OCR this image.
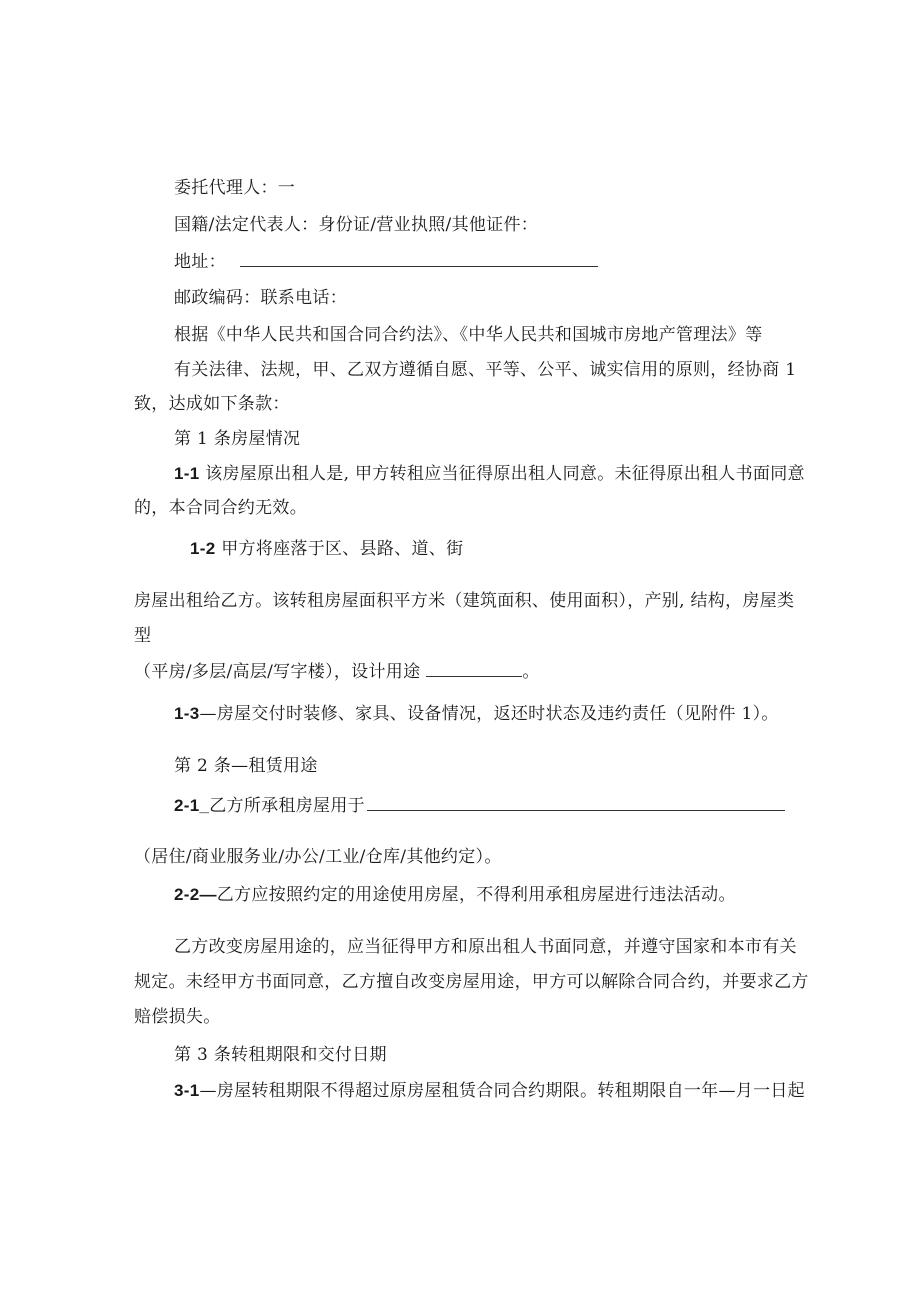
委托代理人：一
国籍/法定代表人：身份证/营业执照/其他证件：
地址：
邮政编码：联系电话：
根据《中华人民共和国合同合约法》、《中华人民共和国城市房地产管理法》等
有关法律、法规，甲、乙双方遵循自愿、平等、公平、诚实信用的原则，经协商 1
致，达成如下条款：
第 1 条房屋情况
1-1 该房屋原出租人是, 甲方转租应当征得原出租人同意。未征得原出租人书面同意
的，本合同合约无效。
1-2 甲方将座落于区、县路、道、街
房屋出租给乙方。该转租房屋面积平方米（建筑面积、使用面积），产别, 结构，房屋类
型
（平房/多层/高层/写字楼），设计用途	。
1-3—房屋交付时装修、家具、设备情况，返还时状态及违约责任（见附件 1）。
第 2 条—租赁用途
2-1_乙方所承租房屋用于
（居住/商业服务业/办公/工业/仓库/其他约定）。
2-2—乙方应按照约定的用途使用房屋，不得利用承租房屋进行违法活动。
乙方改变房屋用途的，应当征得甲方和原出租人书面同意，并遵守国家和本市有关
规定。未经甲方书面同意，乙方擅自改变房屋用途，甲方可以解除合同合约，并要求乙方
赔偿损失。
第 3 条转租期限和交付日期
3-1—房屋转租期限不得超过原房屋租赁合同合约期限。转租期限自一年—月一日起
